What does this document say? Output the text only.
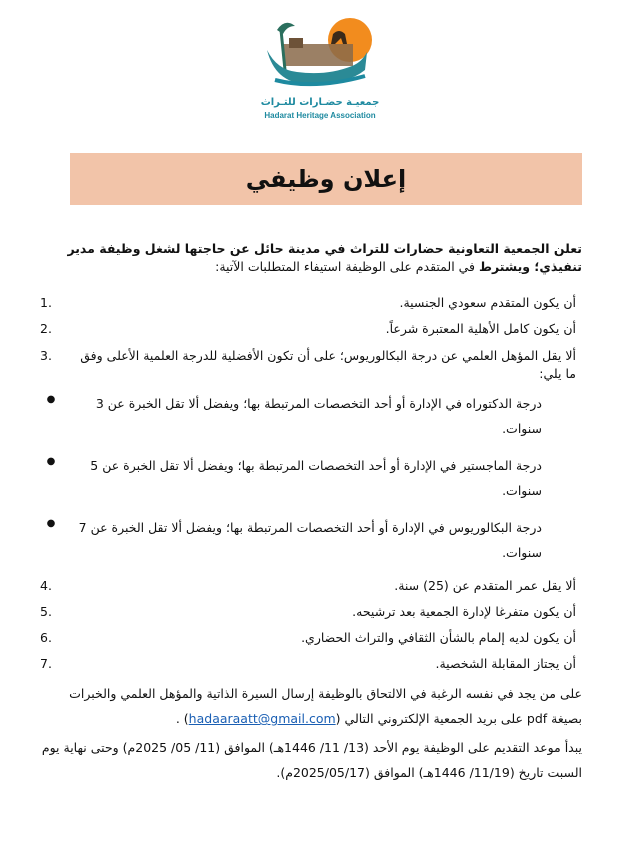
جمعيـة حضـارات للتـراث
Hadarat Heritage Association
إعلان وظيفي

تعلن الجمعية التعاونية حضارات للتراث في مدينة حائل عن حاجتها لشغل وظيفة مدير تنفيذي؛ ويشترط في المتقدم على الوظيفة استيفاء المتطلبات الآتية:

1.	أن يكون المتقدم سعودي الجنسية.
2.	أن يكون كامل الأهلية المعتبرة شرعاً.
3.	ألا يقل المؤهل العلمي عن درجة البكالوريوس؛ على أن تكون الأفضلية للدرجة العلمية الأعلى وفق ما يلي:
●	درجة الدكتوراه في الإدارة أو أحد التخصصات المرتبطة بها؛ ويفضل ألا تقل الخبرة عن 3 سنوات.
●	درجة الماجستير في الإدارة أو أحد التخصصات المرتبطة بها؛ ويفضل ألا تقل الخبرة عن 5 سنوات.
●	درجة البكالوريوس في الإدارة أو أحد التخصصات المرتبطة بها؛ ويفضل ألا تقل الخبرة عن 7 سنوات.
4.	ألا يقل عمر المتقدم عن (25) سنة.
5.	أن يكون متفرغا لإدارة الجمعية بعد ترشيحه.
6.	أن يكون لديه إلمام بالشأن الثقافي والتراث الحضاري.
7.	أن يجتاز المقابلة الشخصية.

على من يجد في نفسه الرغبة في الالتحاق بالوظيفة إرسال السيرة الذاتية والمؤهل العلمي والخبرات بصيغة pdf على بريد الجمعية الإلكتروني التالي (hadaaraatt@gmail.com) .

يبدأ موعد التقديم على الوظيفة يوم الأحد (13/ 11/ 1446هـ) الموافق (11/ 05/ 2025م) وحتى نهاية يوم السبت تاريخ (11/19/ 1446هـ) الموافق (2025/05/17م).
